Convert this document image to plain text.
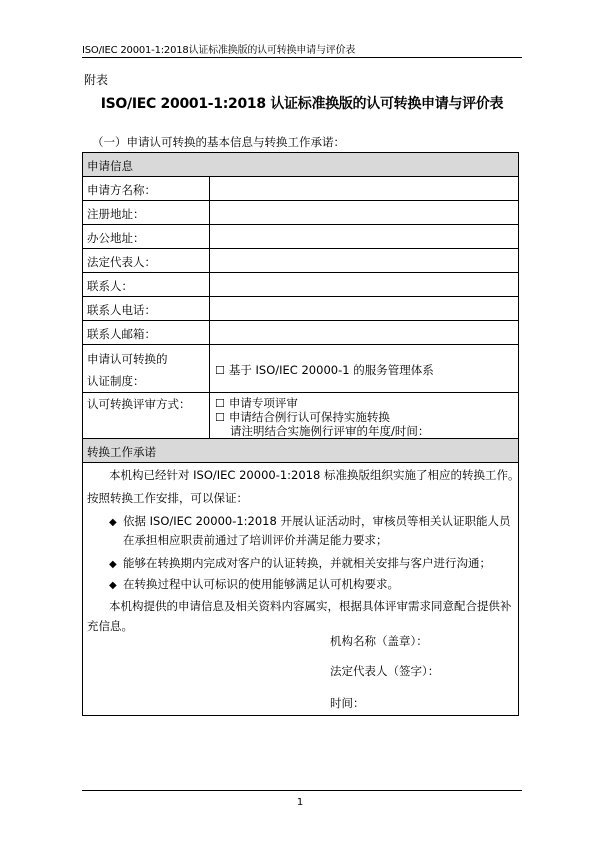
ISO/IEC 20001-1:2018认证标准换版的认可转换申请与评价表
附表
ISO/IEC 20001-1:2018 认证标准换版的认可转换申请与评价表
（一）申请认可转换的基本信息与转换工作承诺：
申请信息
申请方名称：
注册地址：
办公地址：
法定代表人：
联系人：
联系人电话：
联系人邮箱：
申请认可转换的
认证制度：
☐ 基于 ISO/IEC 20000-1 的服务管理体系
认可转换评审方式： ☐ 申请专项评审
☐ 申请结合例行认可保持实施转换
请注明结合实施例行评审的年度/时间：
转换工作承诺
本机构已经针对 ISO/IEC 20000-1:2018 标准换版组织实施了相应的转换工作。
按照转换工作安排，可以保证：
◆ 依据 ISO/IEC 20000-1:2018 开展认证活动时，审核员等相关认证职能人员
在承担相应职责前通过了培训评价并满足能力要求；
◆ 能够在转换期内完成对客户的认证转换，并就相关安排与客户进行沟通；
◆ 在转换过程中认可标识的使用能够满足认可机构要求。
本机构提供的申请信息及相关资料内容属实，根据具体评审需求同意配合提供补
充信息。
机构名称（盖章）：
法定代表人（签字）：
时间：
1
